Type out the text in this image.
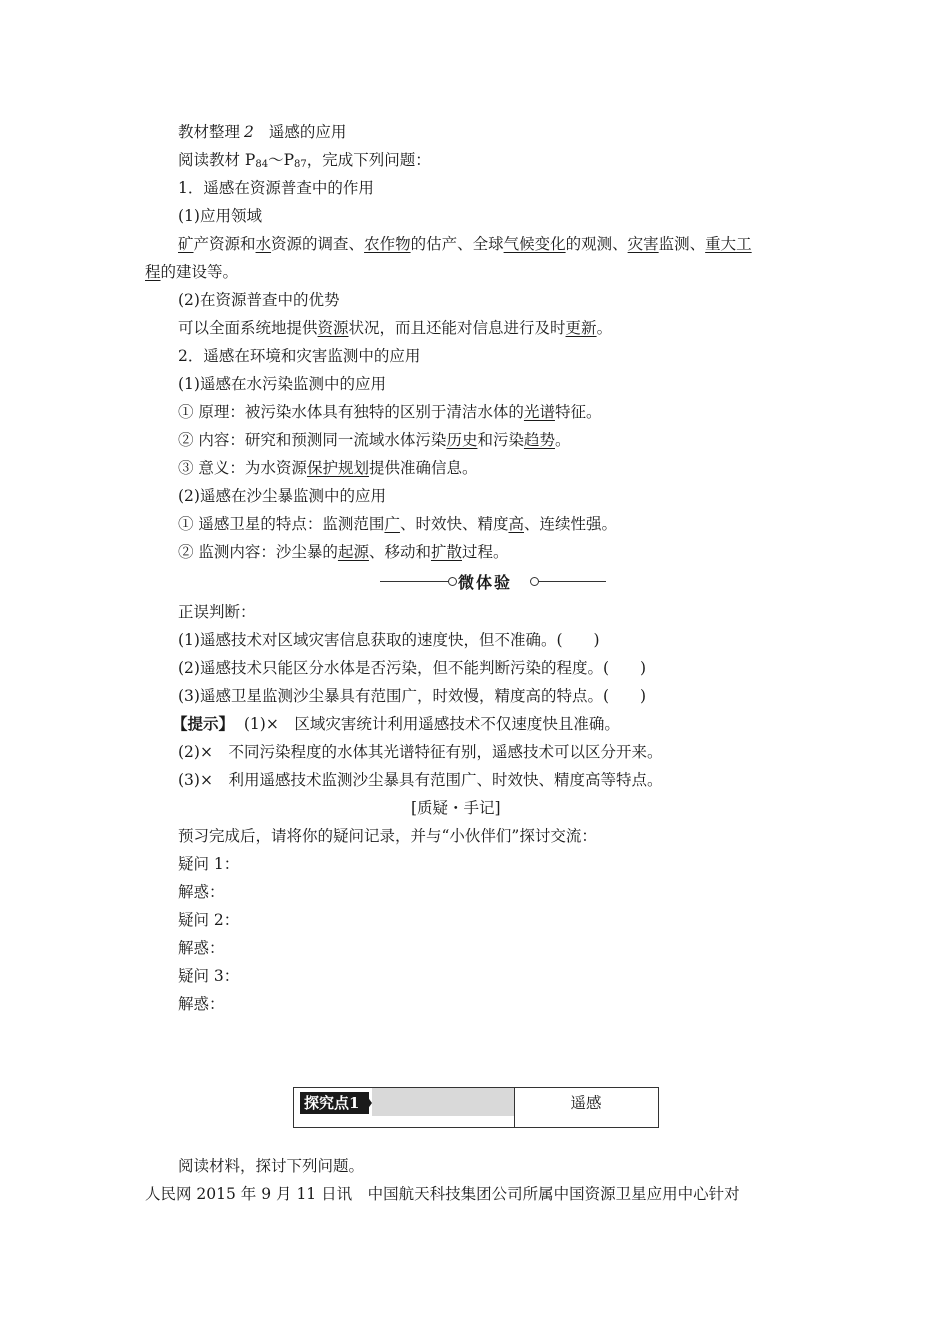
教材整理 2 遥感的应用
阅读教材 $P_{84}\sim P_{87}$，完成下列问题：
1．遥感在资源普查中的作用
(1)应用领域
矿产资源和水资源的调查、农作物的估产、全球气候变化的观测、灾害监测、重大工
程的建设等。
(2)在资源普查中的优势
可以全面系统地提供资源状况，而且还能对信息进行及时更新。
2．遥感在环境和灾害监测中的应用
(1)遥感在水污染监测中的应用
① 原理：被污染水体具有独特的区别于清洁水体的光谱特征。
② 内容：研究和预测同一流域水体污染历史和污染趋势。
③ 意义：为水资源保护规划提供准确信息。
(2)遥感在沙尘暴监测中的应用
① 遥感卫星的特点：监测范围广、时效快、精度高、连续性强。
② 监测内容：沙尘暴的起源、移动和扩散过程。
微体验
正误判断：
(1)遥感技术对区域灾害信息获取的速度快，但不准确。(　　)
(2)遥感技术只能区分水体是否污染，但不能判断污染的程度。(　　)
(3)遥感卫星监测沙尘暴具有范围广，时效慢，精度高的特点。(　　)
【提示】 (1)×　区域灾害统计利用遥感技术不仅速度快且准确。
(2)×　不同污染程度的水体其光谱特征有别，遥感技术可以区分开来。
(3)×　利用遥感技术监测沙尘暴具有范围广、时效快、精度高等特点。
[质疑・手记]
预习完成后，请将你的疑问记录，并与“小伙伴们”探讨交流：
疑问 1：
解惑：
疑问 2：
解惑：
疑问 3：
解惑：
探究点1	遥感
阅读材料，探讨下列问题。
人民网 2015 年 9 月 11 日讯　中国航天科技集团公司所属中国资源卫星应用中心针对
